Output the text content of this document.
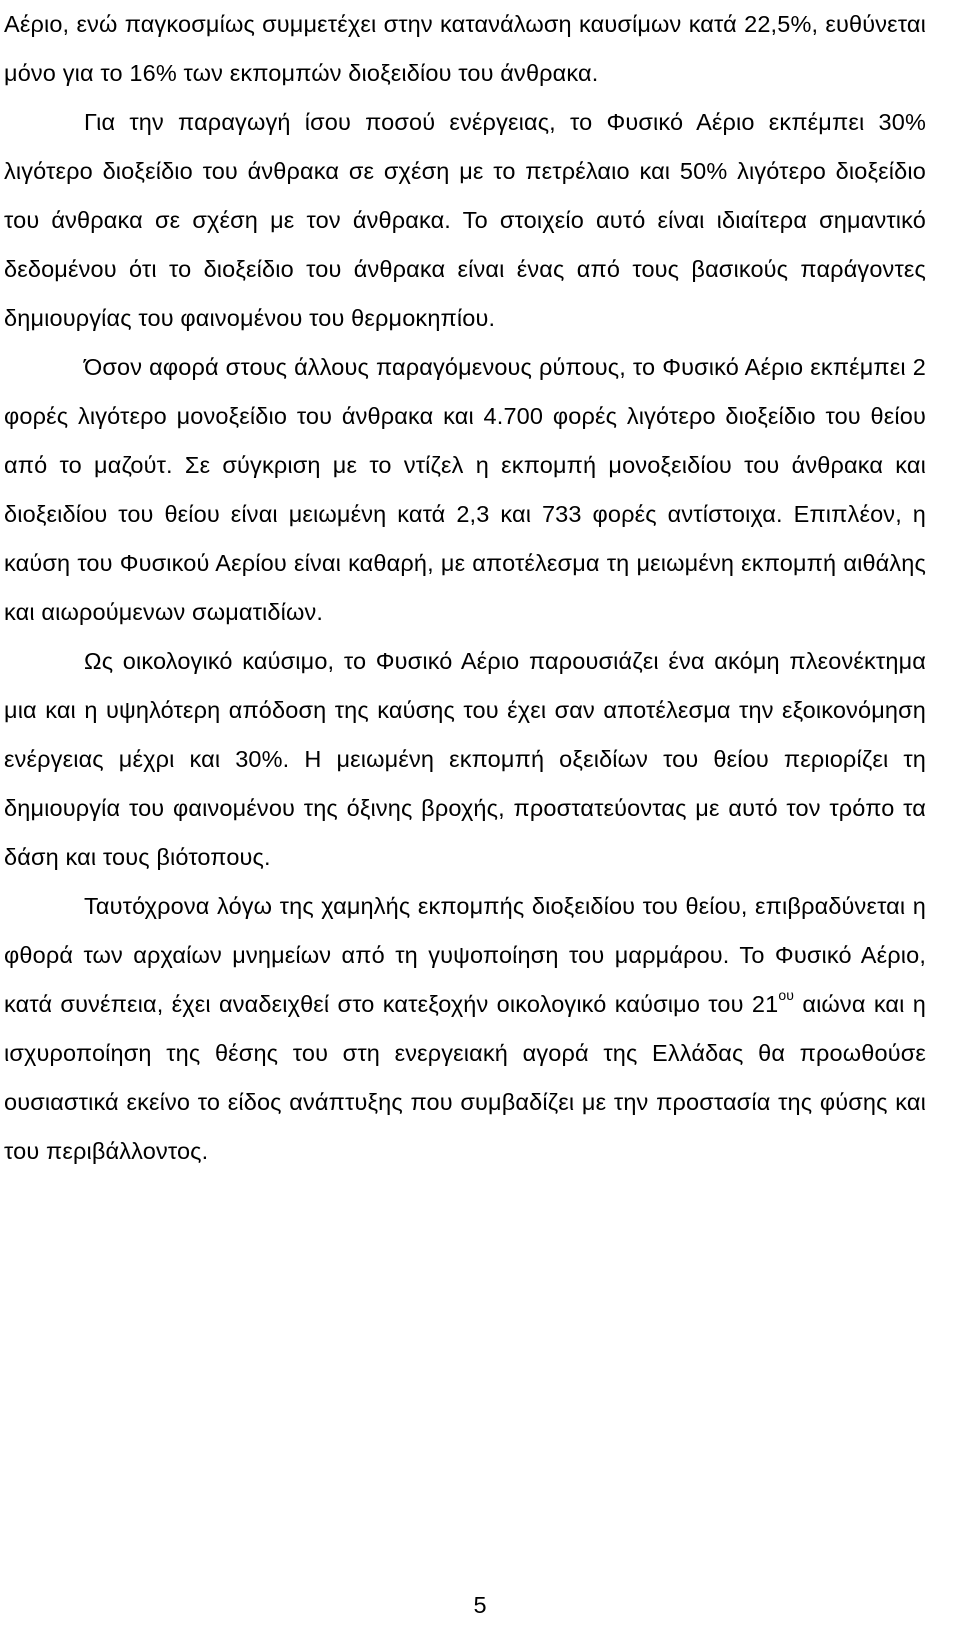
Αέριο, ενώ παγκοσμίως συμμετέχει στην κατανάλωση καυσίμων κατά 22,5%, ευθύνεται μόνο για το 16% των εκπομπών διοξειδίου του άνθρακα.

Για την παραγωγή ίσου ποσού ενέργειας, το Φυσικό Αέριο εκπέμπει 30% λιγότερο διοξείδιο του άνθρακα σε σχέση με το πετρέλαιο και 50% λιγότερο διοξείδιο του άνθρακα σε σχέση με τον άνθρακα. Το στοιχείο αυτό είναι ιδιαίτερα σημαντικό δεδομένου ότι το διοξείδιο του άνθρακα είναι ένας από τους βασικούς παράγοντες δημιουργίας του φαινομένου του θερμοκηπίου.

Όσον αφορά στους άλλους παραγόμενους ρύπους, το Φυσικό Αέριο εκπέμπει 2 φορές λιγότερο μονοξείδιο του άνθρακα και 4.700 φορές λιγότερο διοξείδιο του θείου από το μαζούτ. Σε σύγκριση με το ντίζελ η εκπομπή μονοξειδίου του άνθρακα και διοξειδίου του θείου είναι μειωμένη κατά 2,3 και 733 φορές αντίστοιχα. Επιπλέον, η καύση του Φυσικού Αερίου είναι καθαρή, με αποτέλεσμα τη μειωμένη εκπομπή αιθάλης και αιωρούμενων σωματιδίων.

Ως οικολογικό καύσιμο, το Φυσικό Αέριο παρουσιάζει ένα ακόμη πλεονέκτημα μια και η υψηλότερη απόδοση της καύσης του έχει σαν αποτέλεσμα την εξοικονόμηση ενέργειας μέχρι και 30%. Η μειωμένη εκπομπή οξειδίων του θείου περιορίζει τη δημιουργία του φαινομένου της όξινης βροχής, προστατεύοντας με αυτό τον τρόπο τα δάση και τους βιότοπους.

Ταυτόχρονα λόγω της χαμηλής εκπομπής διοξειδίου του θείου, επιβραδύνεται η φθορά των αρχαίων μνημείων από τη γυψοποίηση του μαρμάρου. Το Φυσικό Αέριο, κατά συνέπεια, έχει αναδειχθεί στο κατεξοχήν οικολογικό καύσιμο του $21^{o\upsilon}$ αιώνα και η ισχυροποίηση της θέσης του στη ενεργειακή αγορά της Ελλάδας θα προωθούσε ουσιαστικά εκείνο το είδος ανάπτυξης που συμβαδίζει με την προστασία της φύσης και του περιβάλλοντος.

5
